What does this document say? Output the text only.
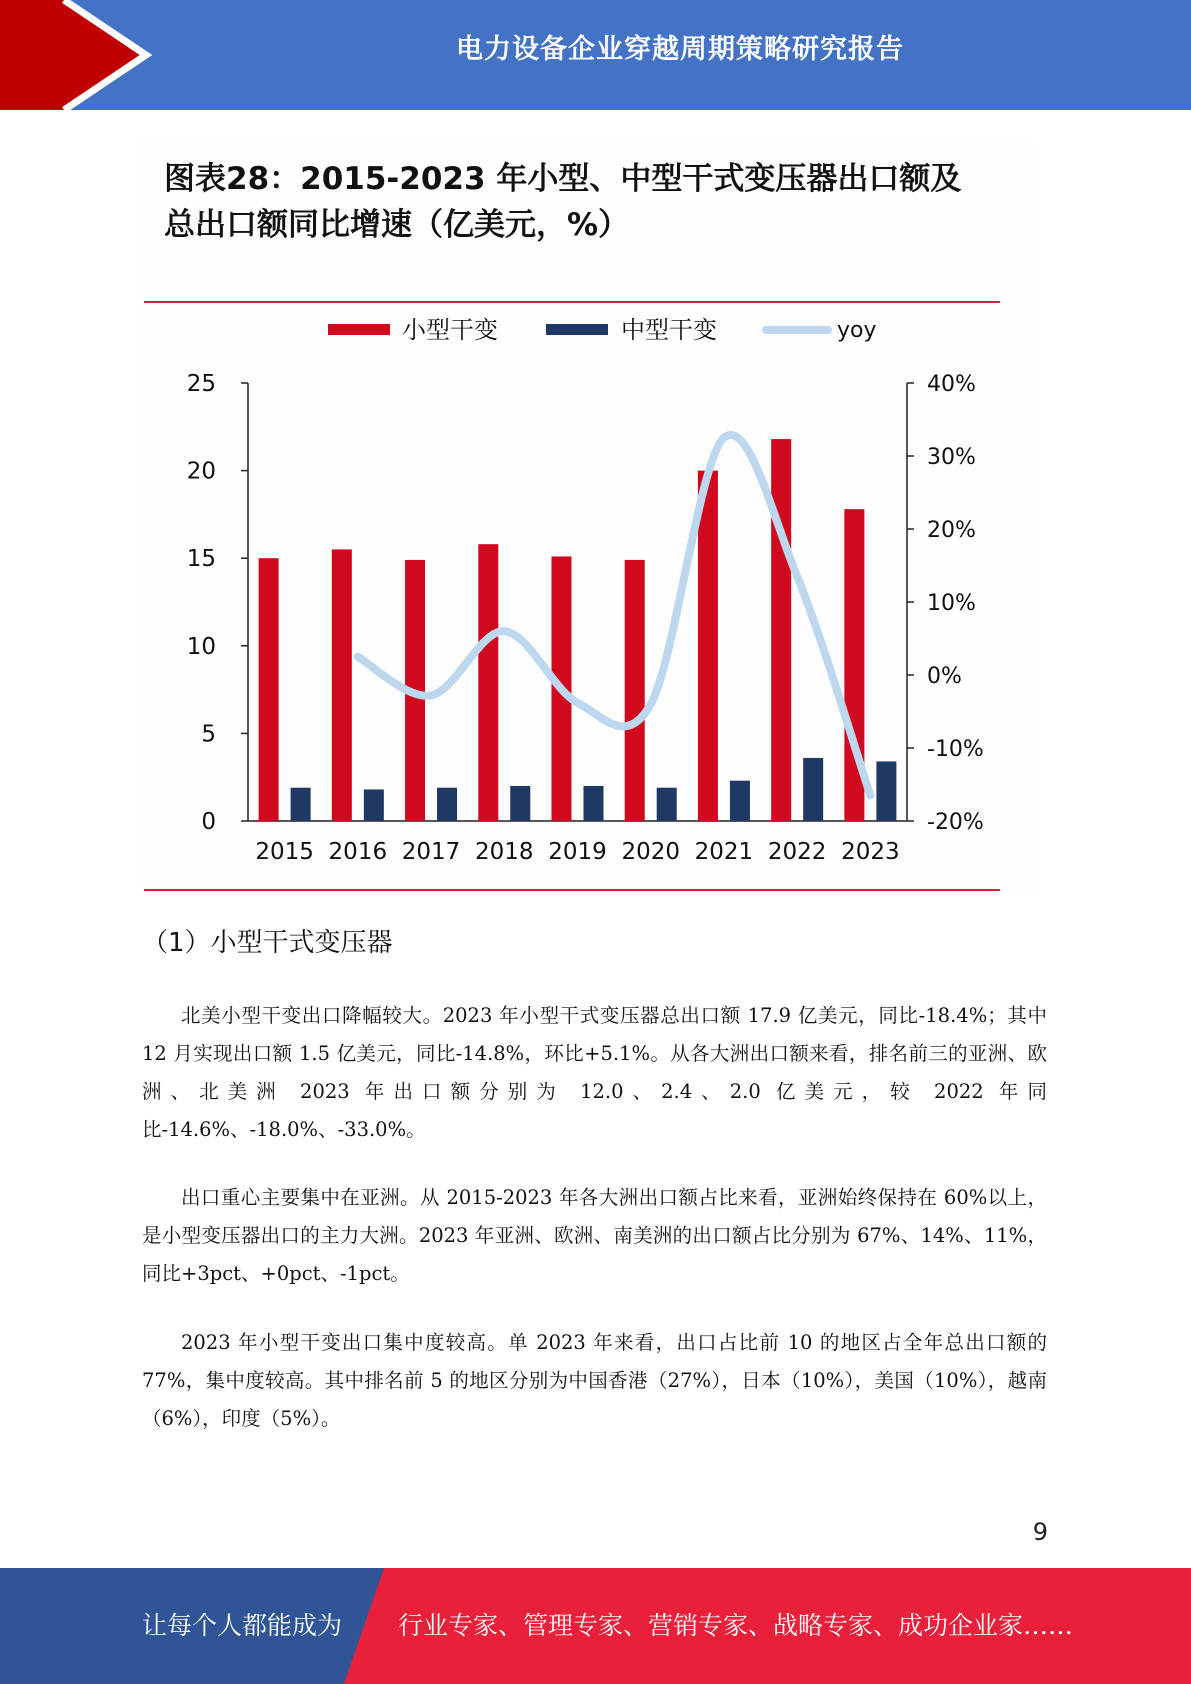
电力设备企业穿越周期策略研究报告
图表28：2015-2023 年小型、中型干式变压器出口额及
总出口额同比增速（亿美元，%）
小型干变	中型干变	yoy
0
5
10
15
20
25
-20%
-10%
0%
10%
20%
30%
40%
2015 2016 2017 2018 2019 2020 2021 2022 2023
（1）小型干式变压器
北美小型干变出口降幅较大。2023 年小型干式变压器总出口额 17.9 亿美元，同比-18.4%；其中 12 月实现出口额 1.5 亿美元，同比-14.8%，环比+5.1%。从各大洲出口额来看，排名前三的亚洲、欧洲、北美洲 2023 年出口额分别为 12.0、2.4、2.0 亿美元，较 2022 年同比-14.6%、-18.0%、-33.0%。
出口重心主要集中在亚洲。从 2015-2023 年各大洲出口额占比来看，亚洲始终保持在 60%以上，是小型变压器出口的主力大洲。2023 年亚洲、欧洲、南美洲的出口额占比分别为 67%、14%、11%，同比+3pct、+0pct、-1pct。
2023 年小型干变出口集中度较高。单 2023 年来看，出口占比前 10 的地区占全年总出口额的 77%，集中度较高。其中排名前 5 的地区分别为中国香港（27%），日本（10%），美国（10%），越南（6%），印度（5%）。
9
让每个人都能成为 行业专家、管理专家、营销专家、战略专家、成功企业家……
